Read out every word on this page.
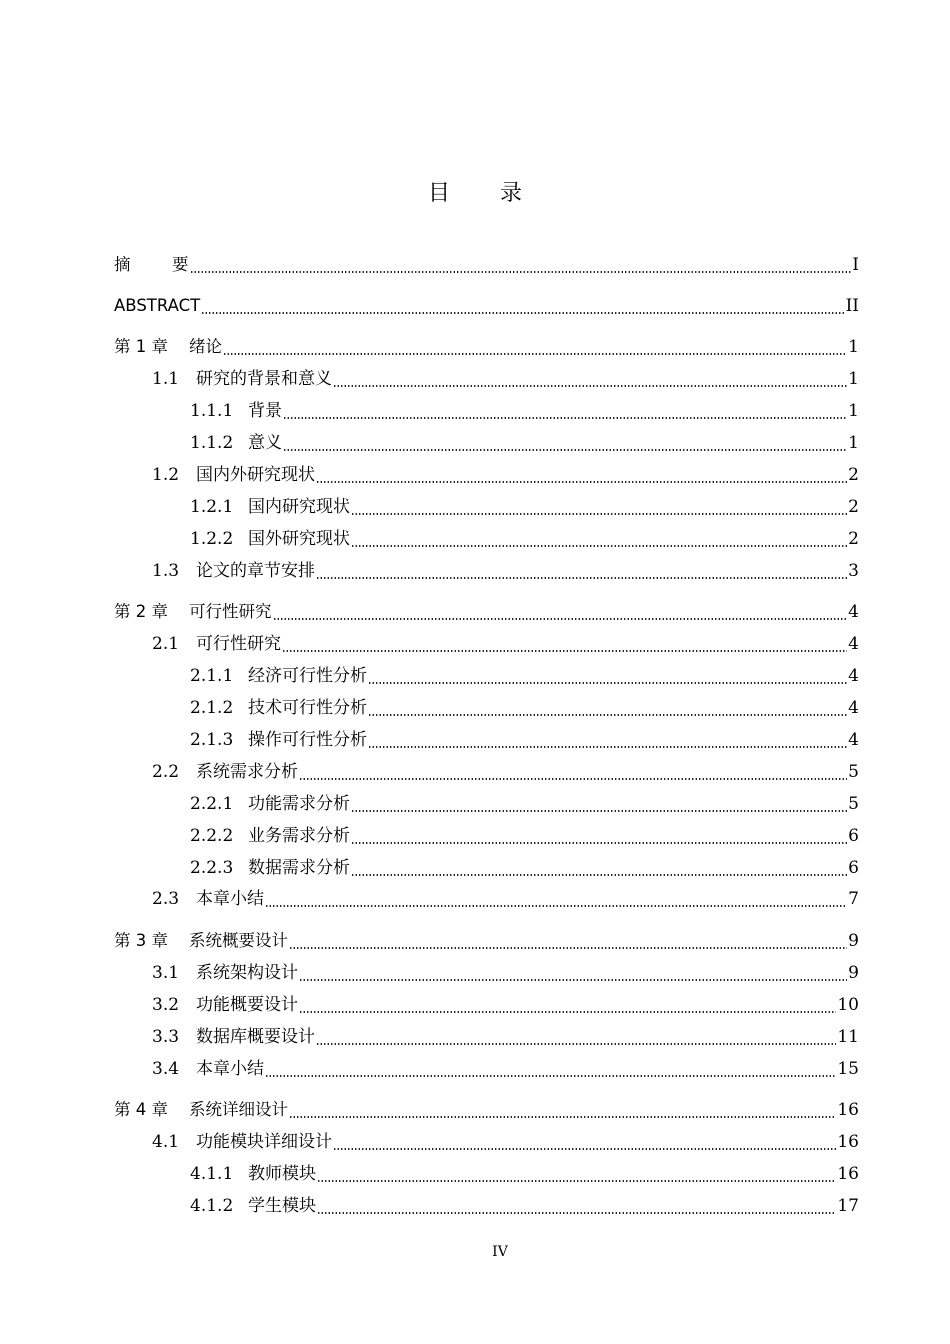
目 录
摘	要	I
ABSTRACT	II
第 1 章	绪论	1
1.1 研究的背景和意义	1
1.1.1 背景	1
1.1.2 意义	1
1.2 国内外研究现状	2
1.2.1 国内研究现状	2
1.2.2 国外研究现状	2
1.3 论文的章节安排	3
第 2 章	可行性研究	4
2.1 可行性研究	4
2.1.1 经济可行性分析	4
2.1.2 技术可行性分析	4
2.1.3 操作可行性分析	4
2.2 系统需求分析	5
2.2.1 功能需求分析	5
2.2.2 业务需求分析	6
2.2.3 数据需求分析	6
2.3 本章小结	7
第 3 章	系统概要设计	9
3.1 系统架构设计	9
3.2 功能概要设计	10
3.3 数据库概要设计	11
3.4 本章小结	15
第 4 章	系统详细设计	16
4.1 功能模块详细设计	16
4.1.1 教师模块	16
4.1.2 学生模块	17
IV
